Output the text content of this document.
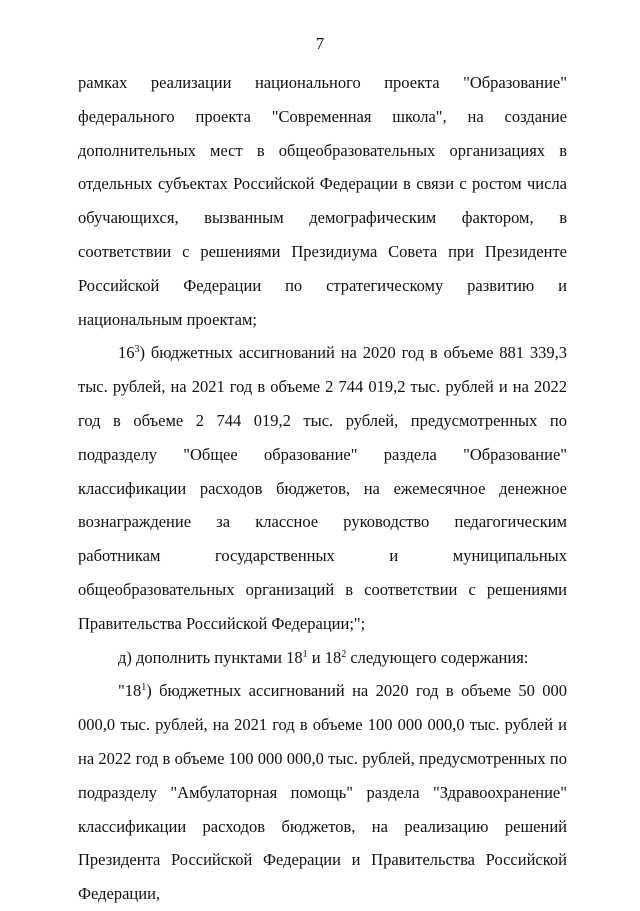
7

рамках реализации национального проекта "Образование" федерального проекта "Современная школа", на создание дополнительных мест в общеобразовательных организациях в отдельных субъектах Российской Федерации в связи с ростом числа обучающихся, вызванным демографическим фактором, в соответствии с решениями Президиума Совета при Президенте Российской Федерации по стратегическому развитию и национальным проектам;

$16^3$) бюджетных ассигнований на 2020 год в объеме 881 339,3 тыс. рублей, на 2021 год в объеме 2 744 019,2 тыс. рублей и на 2022 год в объеме 2 744 019,2 тыс. рублей, предусмотренных по подразделу "Общее образование" раздела "Образование" классификации расходов бюджетов, на ежемесячное денежное вознаграждение за классное руководство педагогическим работникам государственных и муниципальных общеобразовательных организаций в соответствии с решениями Правительства Российской Федерации;";

д) дополнить пунктами $18^1$ и $18^2$ следующего содержания:

"$18^1$) бюджетных ассигнований на 2020 год в объеме 50 000 000,0 тыс. рублей, на 2021 год в объеме 100 000 000,0 тыс. рублей и на 2022 год в объеме 100 000 000,0 тыс. рублей, предусмотренных по подразделу "Амбулаторная помощь" раздела "Здравоохранение" классификации расходов бюджетов, на реализацию решений Президента Российской Федерации и Правительства Российской Федерации,
